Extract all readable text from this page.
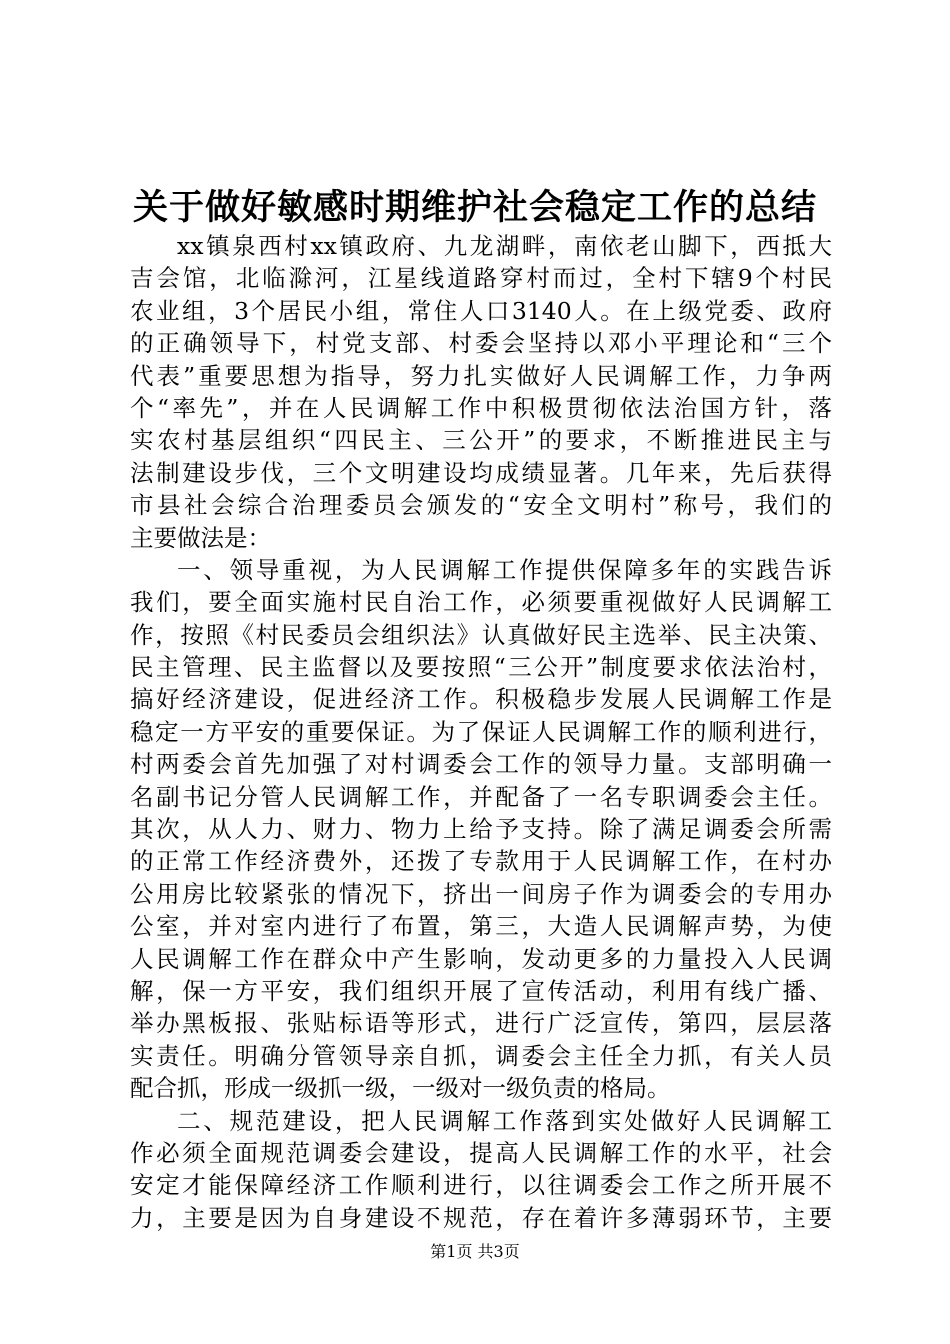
关于做好敏感时期维护社会稳定工作的总结
xx镇泉西村xx镇政府、九龙湖畔，南依老山脚下，西抵大
吉会馆，北临滁河，江星线道路穿村而过，全村下辖9个村民
农业组，3个居民小组，常住人口3140人。在上级党委、政府
的正确领导下，村党支部、村委会坚持以邓小平理论和“三个
代表”重要思想为指导，努力扎实做好人民调解工作，力争两
个“率先”，并在人民调解工作中积极贯彻依法治国方针，落
实农村基层组织“四民主、三公开”的要求，不断推进民主与
法制建设步伐，三个文明建设均成绩显著。几年来，先后获得
市县社会综合治理委员会颁发的“安全文明村”称号，我们的
主要做法是：
一、领导重视，为人民调解工作提供保障多年的实践告诉
我们，要全面实施村民自治工作，必须要重视做好人民调解工
作，按照《村民委员会组织法》认真做好民主选举、民主决策、
民主管理、民主监督以及要按照“三公开”制度要求依法治村，
搞好经济建设，促进经济工作。积极稳步发展人民调解工作是
稳定一方平安的重要保证。为了保证人民调解工作的顺利进行，
村两委会首先加强了对村调委会工作的领导力量。支部明确一
名副书记分管人民调解工作，并配备了一名专职调委会主任。
其次，从人力、财力、物力上给予支持。除了满足调委会所需
的正常工作经济费外，还拨了专款用于人民调解工作，在村办
公用房比较紧张的情况下，挤出一间房子作为调委会的专用办
公室，并对室内进行了布置，第三，大造人民调解声势，为使
人民调解工作在群众中产生影响，发动更多的力量投入人民调
解，保一方平安，我们组织开展了宣传活动，利用有线广播、
举办黑板报、张贴标语等形式，进行广泛宣传，第四，层层落
实责任。明确分管领导亲自抓，调委会主任全力抓，有关人员
配合抓，形成一级抓一级，一级对一级负责的格局。
二、规范建设，把人民调解工作落到实处做好人民调解工
作必须全面规范调委会建设，提高人民调解工作的水平，社会
安定才能保障经济工作顺利进行，以往调委会工作之所开展不
力，主要是因为自身建设不规范，存在着许多薄弱环节，主要
第1页 共3页
